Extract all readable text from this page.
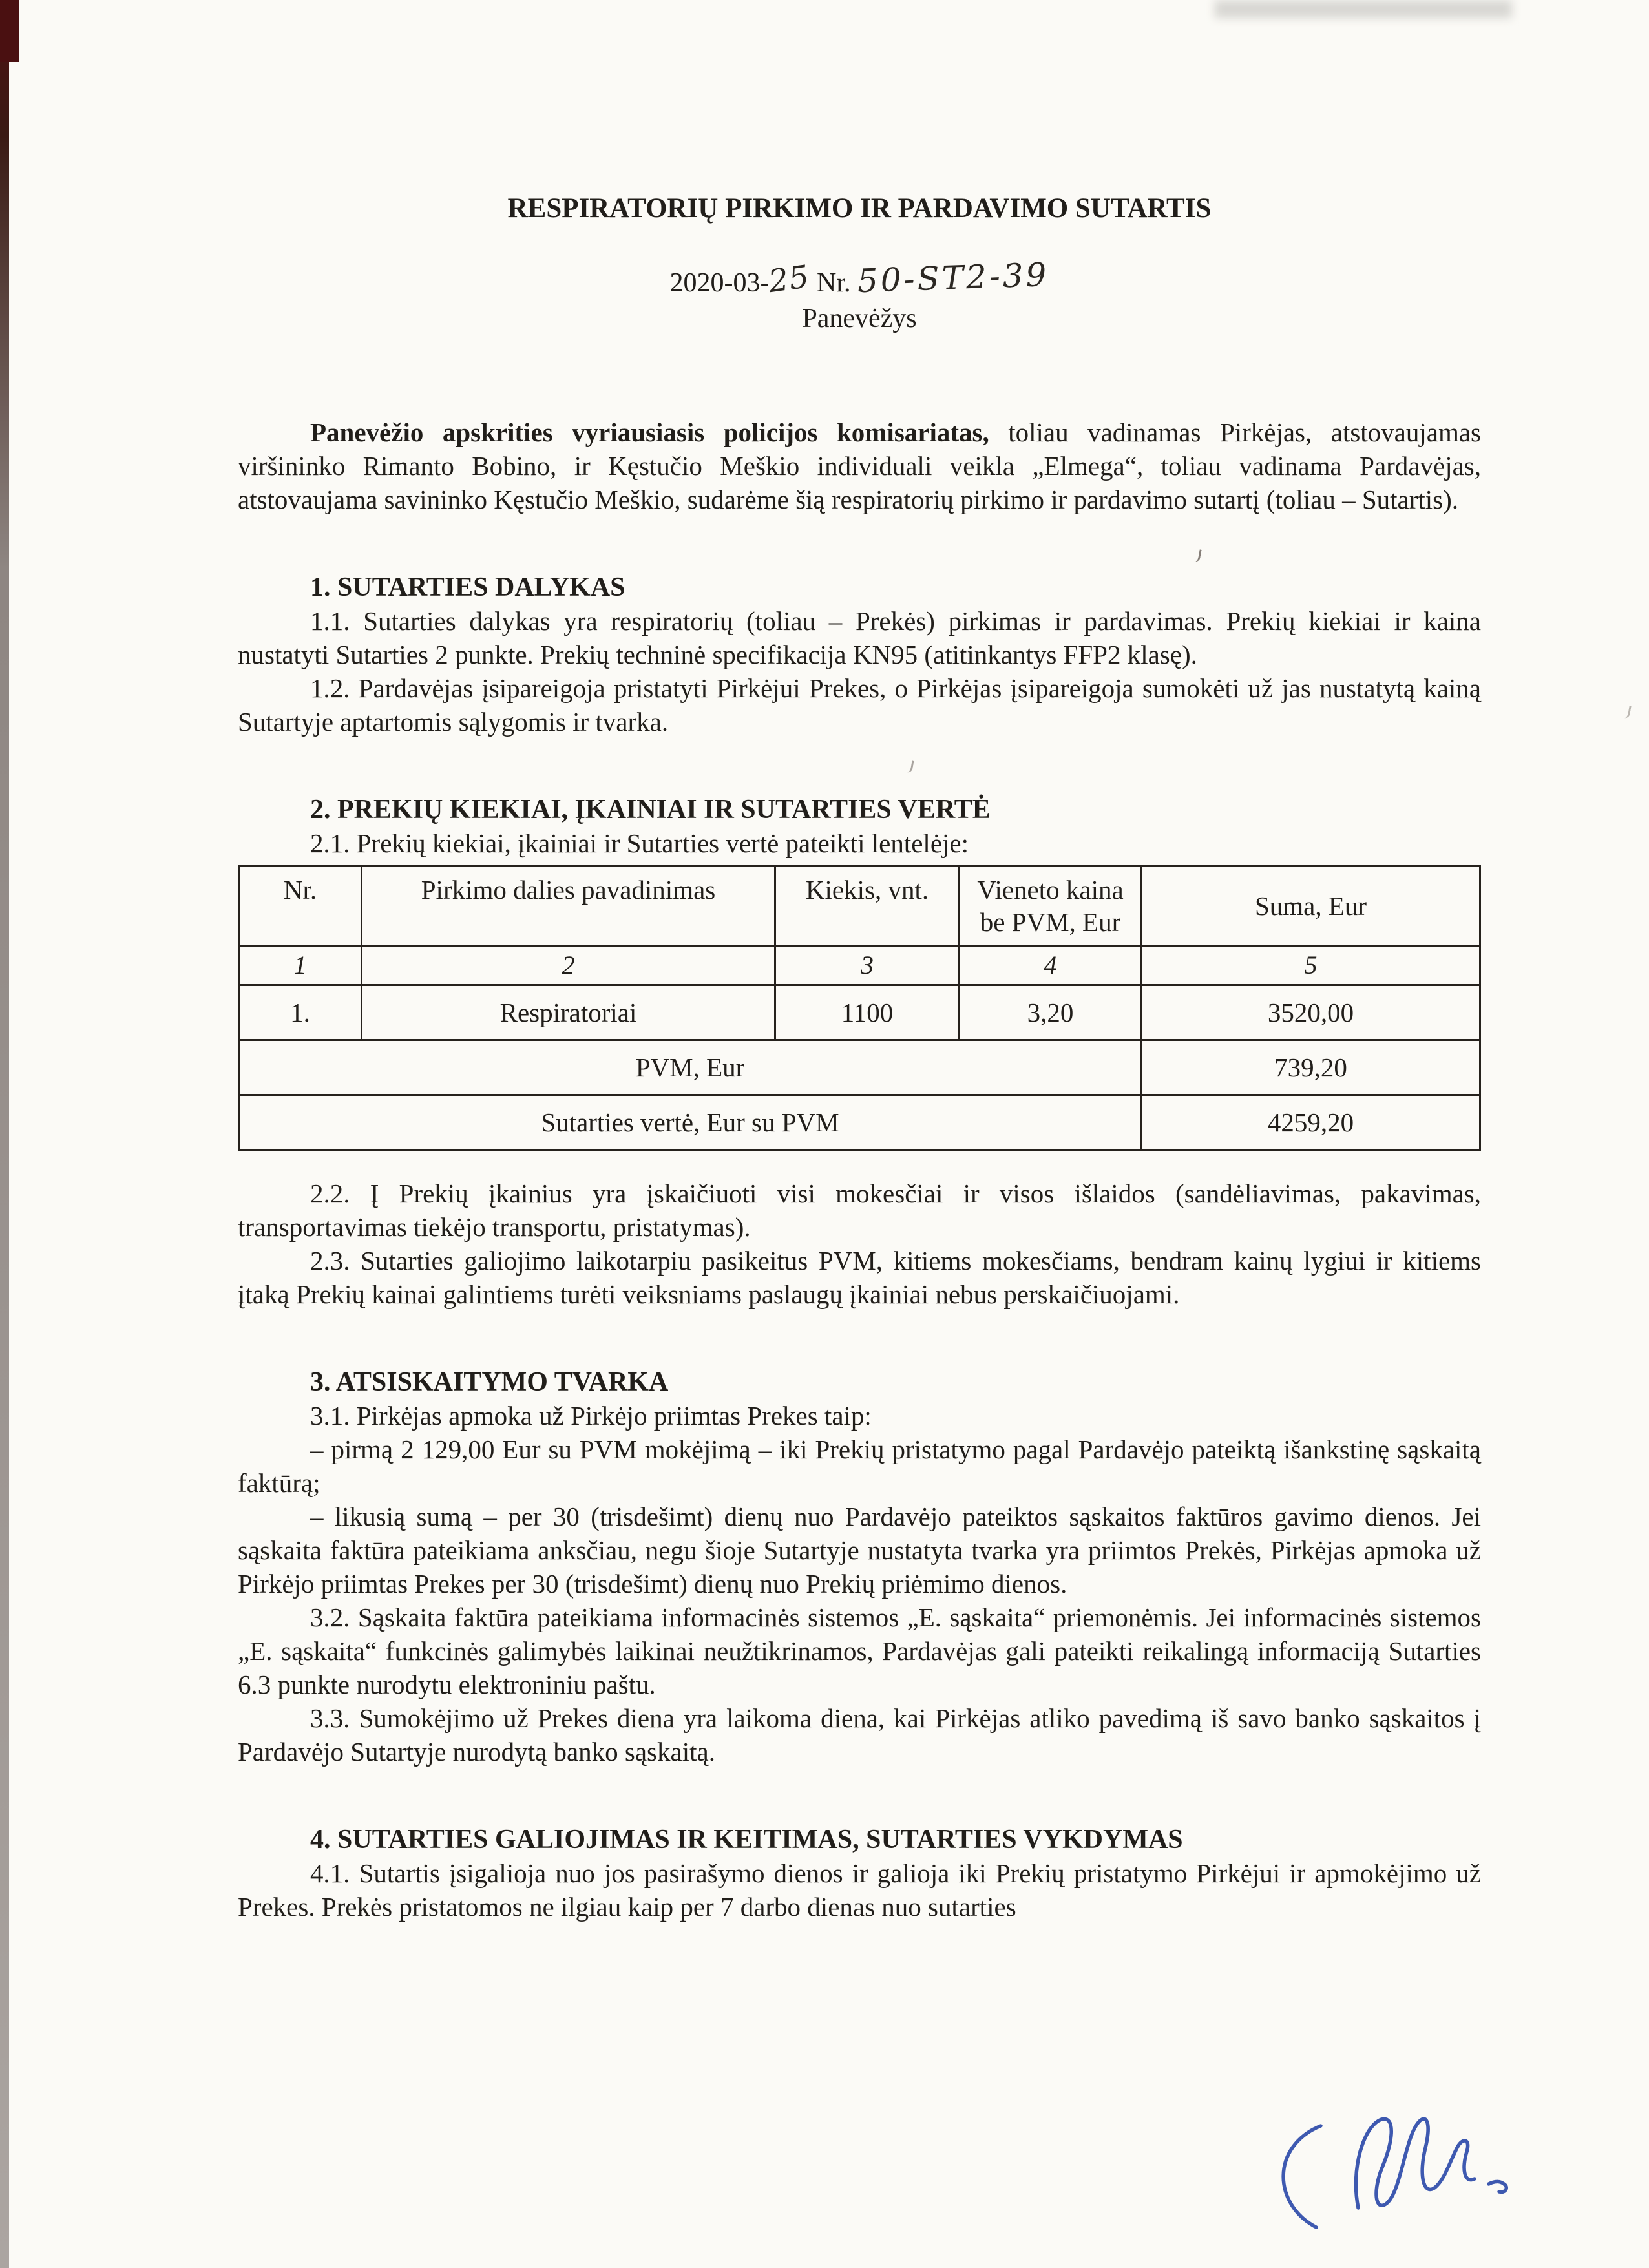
RESPIRATORIŲ PIRKIMO IR PARDAVIMO SUTARTIS
2020-03-25 Nr. 50-ST2-39
Panevėžys

Panevėžio apskrities vyriausiasis policijos komisariatas, toliau vadinamas Pirkėjas, atstovaujamas viršininko Rimanto Bobino, ir Kęstučio Meškio individuali veikla „Elmega“, toliau vadinama Pardavėjas, atstovaujama savininko Kęstučio Meškio, sudarėme šią respiratorių pirkimo ir pardavimo sutartį (toliau – Sutartis).

1. SUTARTIES DALYKAS

1.1. Sutarties dalykas yra respiratorių (toliau – Prekės) pirkimas ir pardavimas. Prekių kiekiai ir kaina nustatyti Sutarties 2 punkte. Prekių techninė specifikacija KN95 (atitinkantys FFP2 klasę).

1.2. Pardavėjas įsipareigoja pristatyti Pirkėjui Prekes, o Pirkėjas įsipareigoja sumokėti už jas nustatytą kainą Sutartyje aptartomis sąlygomis ir tvarka.

2. PREKIŲ KIEKIAI, ĮKAINIAI IR SUTARTIES VERTĖ

2.1. Prekių kiekiai, įkainiai ir Sutarties vertė pateikti lentelėje:

Nr.	Pirkimo dalies pavadinimas	Kiekis, vnt.	Vieneto kaina be PVM, Eur	Suma, Eur
1	2	3	4	5
1.	Respiratoriai	1100	3,20	3520,00
PVM, Eur				739,20
Sutarties vertė, Eur su PVM				4259,20

2.2. Į Prekių įkainius yra įskaičiuoti visi mokesčiai ir visos išlaidos (sandėliavimas, pakavimas, transportavimas tiekėjo transportu, pristatymas).

2.3. Sutarties galiojimo laikotarpiu pasikeitus PVM, kitiems mokesčiams, bendram kainų lygiui ir kitiems įtaką Prekių kainai galintiems turėti veiksniams paslaugų įkainiai nebus perskaičiuojami.

3. ATSISKAITYMO TVARKA

3.1. Pirkėjas apmoka už Pirkėjo priimtas Prekes taip:

– pirmą 2 129,00 Eur su PVM mokėjimą – iki Prekių pristatymo pagal Pardavėjo pateiktą išankstinę sąskaitą faktūrą;

– likusią sumą – per 30 (trisdešimt) dienų nuo Pardavėjo pateiktos sąskaitos faktūros gavimo dienos. Jei sąskaita faktūra pateikiama anksčiau, negu šioje Sutartyje nustatyta tvarka yra priimtos Prekės, Pirkėjas apmoka už Pirkėjo priimtas Prekes per 30 (trisdešimt) dienų nuo Prekių priėmimo dienos.

3.2. Sąskaita faktūra pateikiama informacinės sistemos „E. sąskaita“ priemonėmis. Jei informacinės sistemos „E. sąskaita“ funkcinės galimybės laikinai neužtikrinamos, Pardavėjas gali pateikti reikalingą informaciją Sutarties 6.3 punkte nurodytu elektroniniu paštu.

3.3. Sumokėjimo už Prekes diena yra laikoma diena, kai Pirkėjas atliko pavedimą iš savo banko sąskaitos į Pardavėjo Sutartyje nurodytą banko sąskaitą.

4. SUTARTIES GALIOJIMAS IR KEITIMAS, SUTARTIES VYKDYMAS

4.1. Sutartis įsigalioja nuo jos pasirašymo dienos ir galioja iki Prekių pristatymo Pirkėjui ir apmokėjimo už Prekes. Prekės pristatomos ne ilgiau kaip per 7 darbo dienas nuo sutarties
